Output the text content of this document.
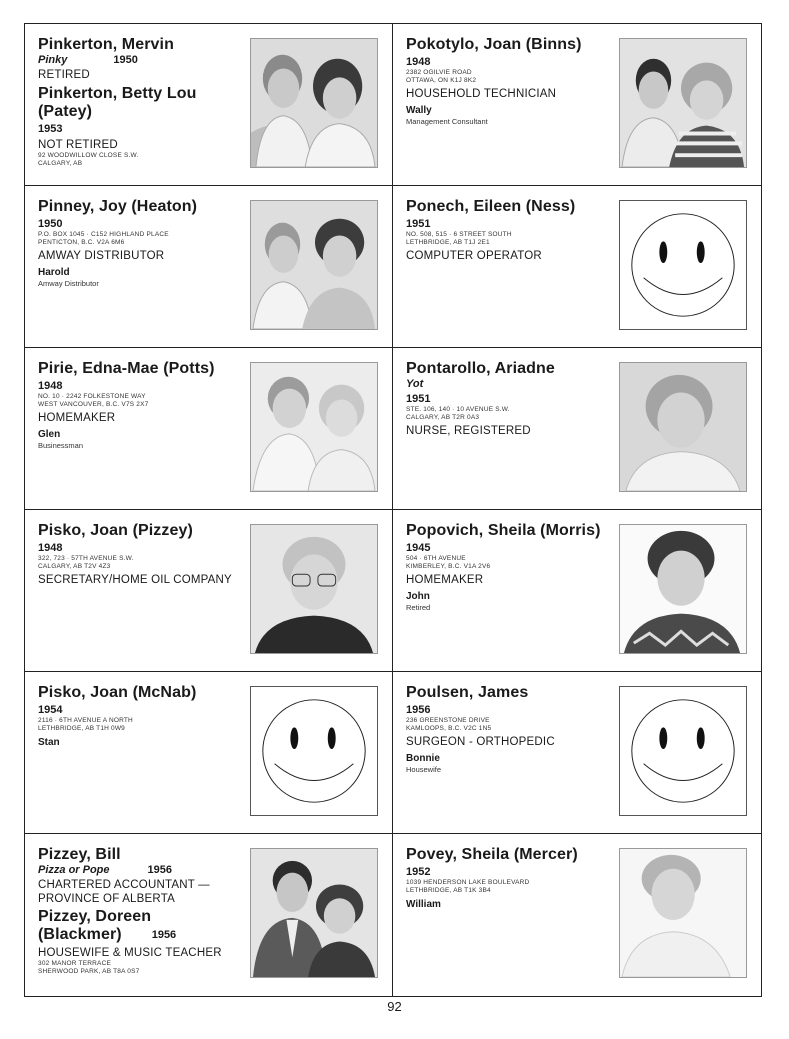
Pinkerton, Mervin
Pinky	1950
RETIRED
Pinkerton, Betty Lou (Patey)
1953
NOT RETIRED
92 WOODWILLOW CLOSE S.W.
CALGARY, AB
Pokotylo, Joan (Binns)
1948
2382 OGILVIE ROAD
OTTAWA, ON K1J 8K2
HOUSEHOLD TECHNICIAN
Wally
Management Consultant
Pinney, Joy (Heaton)
1950
P.O. BOX 1045 · C152 HIGHLAND PLACE
PENTICTON, B.C. V2A 6M6
AMWAY DISTRIBUTOR
Harold
Amway Distributor
Ponech, Eileen (Ness)
1951
NO. 508, 515 · 6 STREET SOUTH
LETHBRIDGE, AB T1J 2E1
COMPUTER OPERATOR
Pirie, Edna-Mae (Potts)
1948
NO. 10 · 2242 FOLKESTONE WAY
WEST VANCOUVER, B.C. V7S 2X7
HOMEMAKER
Glen
Businessman
Pontarollo, Ariadne
Yot
1951
STE. 106, 140 · 10 AVENUE S.W.
CALGARY, AB T2R 0A3
NURSE, REGISTERED
Pisko, Joan (Pizzey)
1948
322, 723 · 57TH AVENUE S.W.
CALGARY, AB T2V 4Z3
SECRETARY/HOME OIL COMPANY
Popovich, Sheila (Morris)
1945
504 · 6TH AVENUE
KIMBERLEY, B.C. V1A 2V6
HOMEMAKER
John
Retired
Pisko, Joan (McNab)
1954
2116 · 6TH AVENUE A NORTH
LETHBRIDGE, AB T1H 0W9
Stan
Poulsen, James
1956
236 GREENSTONE DRIVE
KAMLOOPS, B.C. V2C 1N5
SURGEON - ORTHOPEDIC
Bonnie
Housewife
Pizzey, Bill
Pizza or Pope	1956
CHARTERED ACCOUNTANT —
PROVINCE OF ALBERTA
Pizzey, Doreen
(Blackmer)	1956
HOUSEWIFE & MUSIC TEACHER
302 MANOR TERRACE
SHERWOOD PARK, AB T8A 0S7
Povey, Sheila (Mercer)
1952
1039 HENDERSON LAKE BOULEVARD
LETHBRIDGE, AB T1K 3B4
William
92
